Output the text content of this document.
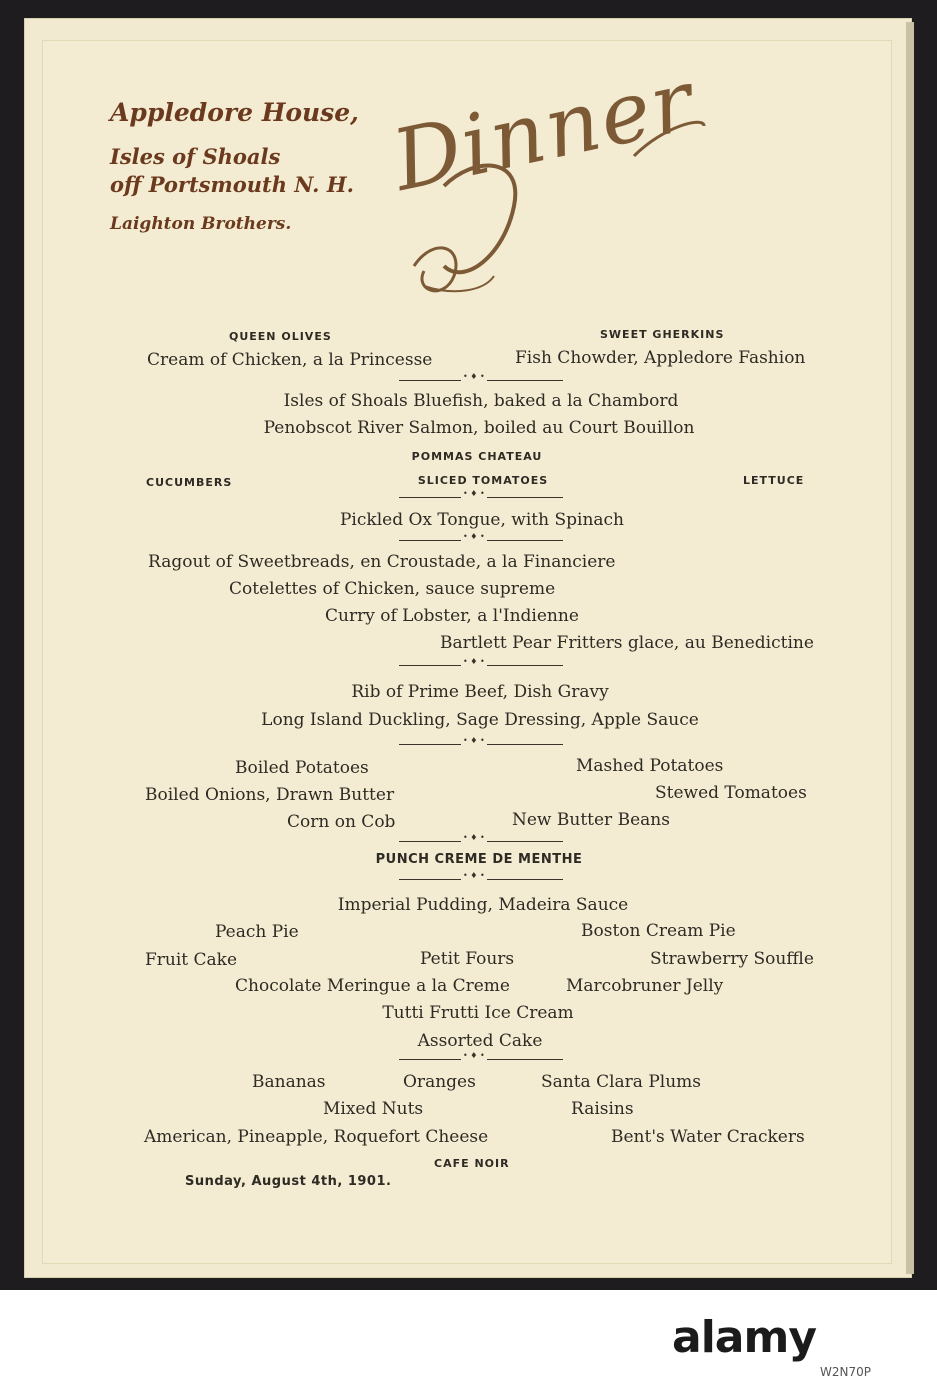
Appledore House,
Isles of Shoals
off Portsmouth N. H.
Laighton Brothers.
Dinner
QUEEN OLIVES	SWEET GHERKINS
Cream of Chicken, a la Princesse	Fish Chowder, Appledore Fashion
• ♦ •
Isles of Shoals Bluefish, baked a la Chambord
Penobscot River Salmon, boiled au Court Bouillon
POMMAS CHATEAU
CUCUMBERS	SLICED TOMATOES	LETTUCE
• ♦ •
Pickled Ox Tongue, with Spinach
• ♦ •
Ragout of Sweetbreads, en Croustade, a la Financiere
Cotelettes of Chicken, sauce supreme
Curry of Lobster, a l'Indienne
Bartlett Pear Fritters glace, au Benedictine
• ♦ •
Rib of Prime Beef, Dish Gravy
Long Island Duckling, Sage Dressing, Apple Sauce
• ♦ •
Boiled Potatoes	Mashed Potatoes
Boiled Onions, Drawn Butter	Stewed Tomatoes
Corn on Cob	New Butter Beans
• ♦ •
PUNCH CREME DE MENTHE
• ♦ •
Imperial Pudding, Madeira Sauce
Peach Pie	Boston Cream Pie
Fruit Cake	Petit Fours	Strawberry Souffle
Chocolate Meringue a la Creme	Marcobruner Jelly
Tutti Frutti Ice Cream
Assorted Cake
• ♦ •
Bananas	Oranges	Santa Clara Plums
Mixed Nuts	Raisins
American, Pineapple, Roquefort Cheese	Bent's Water Crackers
CAFE NOIR
Sunday, August 4th, 1901.
alamy
W2N70P
